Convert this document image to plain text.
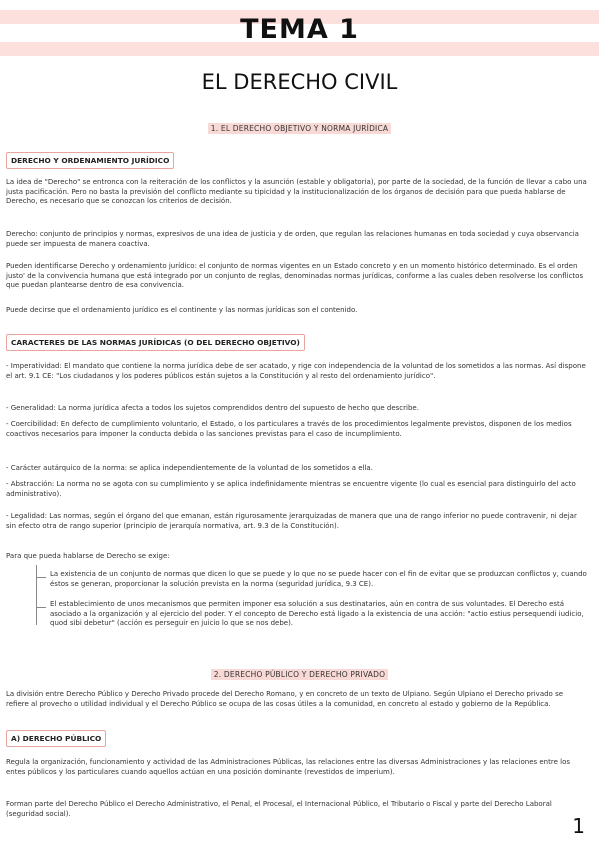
TEMA 1
EL DERECHO CIVIL
1. EL DERECHO OBJETIVO Y NORMA JURÍDICA
DERECHO Y ORDENAMIENTO JURÍDICO

La idea de "Derecho" se entronca con la reiteración de los conflictos y la asunción (estable y obligatoria), por parte de la sociedad, de la función de llevar a cabo una justa pacificación. Pero no basta la previsión del conflicto mediante su tipicidad y la institucionalización de los órganos de decisión para que pueda hablarse de Derecho, es necesario que se conozcan los criterios de decisión.

Derecho: conjunto de principios y normas, expresivos de una idea de justicia y de orden, que regulan las relaciones humanas en toda sociedad y cuya observancia puede ser impuesta de manera coactiva.

Pueden identificarse Derecho y ordenamiento jurídico: el conjunto de normas vigentes en un Estado concreto y en un momento histórico determinado. Es el orden justo' de la convivencia humana que está integrado por un conjunto de reglas, denominadas normas jurídicas, conforme a las cuales deben resolverse los conflictos que puedan plantearse dentro de esa convivencia.

Puede decirse que el ordenamiento jurídico es el continente y las normas jurídicas son el contenido.

CARACTERES DE LAS NORMAS JURÍDICAS (O DEL DERECHO OBJETIVO)

- Imperatividad: El mandato que contiene la norma jurídica debe de ser acatado, y rige con independencia de la voluntad de los sometidos a las normas. Así dispone el art. 9.1 CE: "Los ciudadanos y los poderes públicos están sujetos a la Constitución y al resto del ordenamiento jurídico".

- Generalidad: La norma jurídica afecta a todos los sujetos comprendidos dentro del supuesto de hecho que describe.

- Coercibilidad: En defecto de cumplimiento voluntario, el Estado, o los particulares a través de los procedimientos legalmente previstos, disponen de los medios coactivos necesarios para imponer la conducta debida o las sanciones previstas para el caso de incumplimiento.

- Carácter autárquico de la norma: se aplica independientemente de la voluntad de los sometidos a ella.

- Abstracción: La norma no se agota con su cumplimiento y se aplica indefinidamente mientras se encuentre vigente (lo cual es esencial para distinguirlo del acto administrativo).

- Legalidad: Las normas, según el órgano del que emanan, están rigurosamente jerarquizadas de manera que una de rango inferior no puede contravenir, ni dejar sin efecto otra de rango superior (principio de jerarquía normativa, art. 9.3 de la Constitución).

Para que pueda hablarse de Derecho se exige:

La existencia de un conjunto de normas que dicen lo que se puede y lo que no se puede hacer con el fin de evitar que se produzcan conflictos y, cuando éstos se generan, proporcionar la solución prevista en la norma (seguridad jurídica, 9.3 CE).

El establecimiento de unos mecanismos que permiten imponer esa solución a sus destinatarios, aún en contra de sus voluntades. El Derecho está asociado a la organización y al ejercicio del poder. Y el concepto de Derecho está ligado a la existencia de una acción: "actio estius persequendi iudicio, quod sibi debetur" (acción es perseguir en juicio lo que se nos debe).

2. DERECHO PÚBLICO Y DERECHO PRIVADO

La división entre Derecho Público y Derecho Privado procede del Derecho Romano, y en concreto de un texto de Ulpiano. Según Ulpiano el Derecho privado se refiere al provecho o utilidad individual y el Derecho Público se ocupa de las cosas útiles a la comunidad, en concreto al estado y gobierno de la República.

A) DERECHO PÚBLICO

Regula la organización, funcionamiento y actividad de las Administraciones Públicas, las relaciones entre las diversas Administraciones y las relaciones entre los entes públicos y los particulares cuando aquellos actúan en una posición dominante (revestidos de imperium).

Forman parte del Derecho Público el Derecho Administrativo, el Penal, el Procesal, el Internacional Público, el Tributario o Fiscal y parte del Derecho Laboral (seguridad social).

1
